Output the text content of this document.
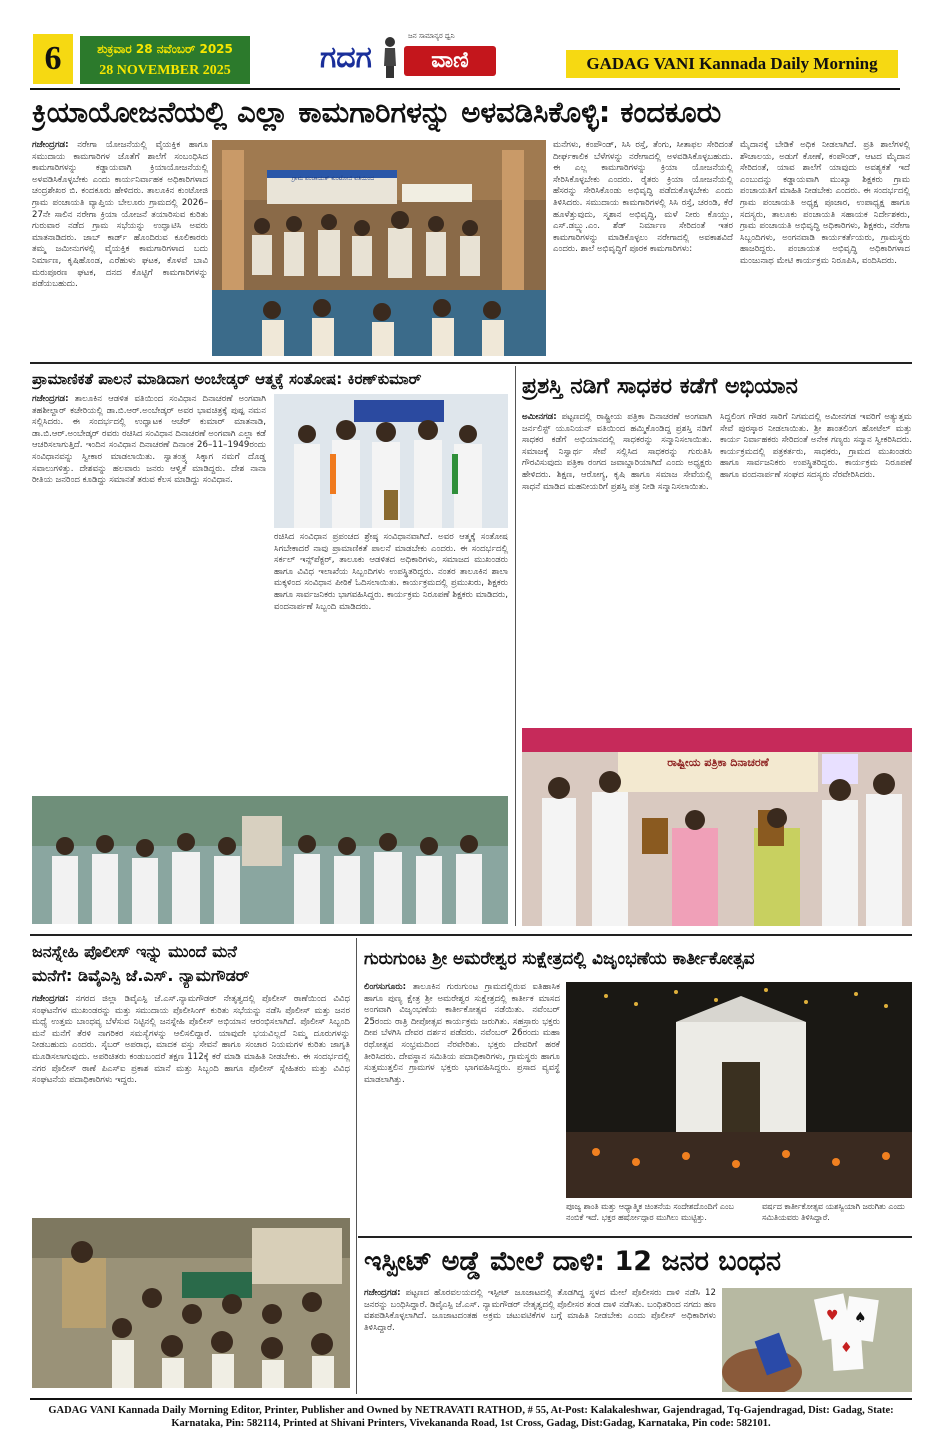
6	ಶುಕ್ರವಾರ 28 ನವೆಂಬರ್ 2025
28 NOVEMBER 2025	ಗದಗ
ಜನ ಸಾಮಾನ್ಯರ ಧ್ವನಿ
ವಾಣಿ	GADAG VANI Kannada Daily Morning
ಕ್ರಿಯಾಯೋಜನೆಯಲ್ಲಿ ಎಲ್ಲಾ ಕಾಮಗಾರಿಗಳನ್ನು ಅಳವಡಿಸಿಕೊಳ್ಳಿ: ಕಂದಕೂರು

ಗಜೇಂದ್ರಗಡ: ನರೇಗಾ ಯೋಜನೆಯಲ್ಲಿ ವೈಯಕ್ತಿಕ ಹಾಗೂ ಸಮುದಾಯ ಕಾಮಗಾರಿಗಳ ಜೊತೆಗೆ ಶಾಲೆಗೆ ಸಂಬಂಧಿಸಿದ ಕಾಮಗಾರಿಗಳನ್ನು ಕಡ್ಡಾಯವಾಗಿ ಕ್ರಿಯಾಯೋಜನೆಯಲ್ಲಿ ಅಳವಡಿಸಿಕೊಳ್ಳಬೇಕು ಎಂದು ಕಾರ್ಯನಿರ್ವಾಹಕ ಅಧಿಕಾರಿಗಳಾದ ಚಂದ್ರಶೇಖರ ಬಿ. ಕಂದಕೂರು ಹೇಳಿದರು. ತಾಲೂಕಿನ ಕುಂಟೋಜಿ ಗ್ರಾಮ ಪಂಚಾಯತಿ ವ್ಯಾಪ್ತಿಯ ಬೇಲೂರು ಗ್ರಾಮದಲ್ಲಿ 2026–27ನೇ ಸಾಲಿನ ನರೇಗಾ ಕ್ರಿಯಾ ಯೋಜನೆ ತಯಾರಿಸುವ ಕುರಿತು ಗುರುವಾರ ನಡೆದ ಗ್ರಾಮ ಸಭೆಯನ್ನು ಉದ್ಘಾಟಿಸಿ ಅವರು ಮಾತನಾಡಿದರು. ಜಾಬ್ ಕಾರ್ಡ್ ಹೊಂದಿರುವ ಕೂಲಿಕಾರರು ತಮ್ಮ ಜಮೀನುಗಳಲ್ಲಿ ವೈಯಕ್ತಿಕ ಕಾಮಗಾರಿಗಳಾದ ಬದು ನಿರ್ಮಾಣ, ಕೃಷಿಹೊಂಡ, ಎರೆಹುಳು ಘಟಕ, ಕೊಳವೆ ಬಾವಿ ಮರುಪೂರಣ ಘಟಕ, ದನದ ಕೊಟ್ಟಿಗೆ ಕಾಮಗಾರಿಗಳನ್ನು ಪಡೆಯಬಹುದು.

ಗ್ರಾಮ ಪಂಚಾಯತ್ ಕುಂಟೋಜಿ ವತಿಯಿಂದ
ಮನೆಗಳು, ಕಂಪೌಂಡ್, ಸಿಸಿ ರಸ್ತೆ, ತೆಂಗು, ಸೀತಾಫಲ ಸೇರಿದಂತೆ ದೀರ್ಘಕಾಲಿಕ ಬೆಳೆಗಳನ್ನು ನರೇಗಾದಲ್ಲಿ ಅಳವಡಿಸಿಕೊಳ್ಳಬಹುದು. ಈ ಎಲ್ಲ ಕಾಮಗಾರಿಗಳನ್ನು ಕ್ರಿಯಾ ಯೋಜನೆಯಲ್ಲಿ ಸೇರಿಸಿಕೊಳ್ಳಬೇಕು ಎಂದರು. ರೈತರು ಕ್ರಿಯಾ ಯೋಜನೆಯಲ್ಲಿ ಹೆಸರನ್ನು ಸೇರಿಸಿಕೊಂಡು ಅಭಿವೃದ್ಧಿ ಪಡೆದುಕೊಳ್ಳಬೇಕು ಎಂದು ತಿಳಿಸಿದರು. ಸಮುದಾಯ ಕಾಮಗಾರಿಗಳಲ್ಲಿ ಸಿಸಿ ರಸ್ತೆ, ಚರಂಡಿ, ಕೆರೆ ಹೂಳೆತ್ತುವುದು, ಸ್ಮಶಾನ ಅಭಿವೃದ್ಧಿ, ಮಳೆ ನೀರು ಕೊಯ್ಲು, ಎಸ್.ಡಬ್ಲ್ಯು.ಎಂ. ಶೆಡ್ ನಿರ್ಮಾಣ ಸೇರಿದಂತೆ ಇತರ ಕಾಮಗಾರಿಗಳನ್ನು ಮಾಡಿಕೊಳ್ಳಲು ನರೇಗಾದಲ್ಲಿ ಅವಕಾಶವಿದೆ ಎಂದರು. ಶಾಲೆ ಅಭಿವೃದ್ಧಿಗೆ ಪೂರಕ ಕಾಮಗಾರಿಗಳು:
ಮೈದಾನಕ್ಕೆ ಬೇಡಿಕೆ ಅಧಿಕ ನೀಡಲಾಗಿದೆ. ಪ್ರತಿ ಶಾಲೆಗಳಲ್ಲಿ ಶೌಚಾಲಯ, ಅಡುಗೆ ಕೋಣೆ, ಕಂಪೌಂಡ್, ಆಟದ ಮೈದಾನ ಸೇರಿದಂತೆ, ಯಾವ ಶಾಲೆಗೆ ಯಾವುದು ಅವಶ್ಯಕತೆ ಇದೆ ಎಂಬುದನ್ನು ಕಡ್ಡಾಯವಾಗಿ ಮುಖ್ಯಾ ಶಿಕ್ಷಕರು ಗ್ರಾಮ ಪಂಚಾಯತಿಗೆ ಮಾಹಿತಿ ನೀಡಬೇಕು ಎಂದರು. ಈ ಸಂದರ್ಭದಲ್ಲಿ ಗ್ರಾಮ ಪಂಚಾಯತಿ ಅಧ್ಯಕ್ಷ ಪೂಜಾರ, ಉಪಾಧ್ಯಕ್ಷ ಹಾಗೂ ಸದಸ್ಯರು, ತಾಲೂಕು ಪಂಚಾಯತಿ ಸಹಾಯಕ ನಿರ್ದೇಶಕರು, ಗ್ರಾಮ ಪಂಚಾಯತಿ ಅಭಿವೃದ್ಧಿ ಅಧಿಕಾರಿಗಳು, ಶಿಕ್ಷಕರು, ನರೇಗಾ ಸಿಬ್ಬಂದಿಗಳು, ಅಂಗನವಾಡಿ ಕಾರ್ಯಕರ್ತೆಯರು, ಗ್ರಾಮಸ್ಥರು ಹಾಜರಿದ್ದರು. ಪಂಚಾಯತ ಅಭಿವೃದ್ಧಿ ಅಧಿಕಾರಿಗಳಾದ ಮಂಜುನಾಥ ಮೇಟಿ ಕಾರ್ಯಕ್ರಮ ನಿರೂಪಿಸಿ, ವಂದಿಸಿದರು.
ಪ್ರಾಮಾಣಿಕತೆ ಪಾಲನೆ ಮಾಡಿದಾಗ ಅಂಬೇಡ್ಕರ್ ಆತ್ಮಕ್ಕೆ ಸಂತೋಷ: ಕಿರಣ್‌ಕುಮಾರ್

ಗಜೇಂದ್ರಗಡ: ತಾಲೂಕಿನ ಆಡಳಿತ ವತಿಯಿಂದ ಸಂವಿಧಾನ ದಿನಾಚರಣೆ ಅಂಗವಾಗಿ ತಹಶೀಲ್ದಾರ್ ಕಚೇರಿಯಲ್ಲಿ ಡಾ.ಬಿ.ಆರ್.ಅಂಬೇಡ್ಕರ್ ಅವರ ಭಾವಚಿತ್ರಕ್ಕೆ ಪುಷ್ಪ ನಮನ ಸಲ್ಲಿಸಿದರು. ಈ ಸಂದರ್ಭದಲ್ಲಿ ಉದ್ಘಾಟಕ ಆಚೆರ್ ಕುಮಾರ್ ಮಾತನಾಡಿ, ಡಾ.ಬಿ.ಆರ್.ಅಂಬೇಡ್ಕರ್ ರವರು ರಚಿಸಿದ ಸಂವಿಧಾನ ದಿನಾಚರಣೆ ಅಂಗವಾಗಿ ಎಲ್ಲಾ ಕಡೆ ಆಚರಿಸಲಾಗುತ್ತಿದೆ. ಇಂದಿನ ಸಂವಿಧಾನ ದಿನಾಚರಣೆ ದಿನಾಂಕ 26–11–1949ರಂದು ಸಂವಿಧಾನವನ್ನು ಸ್ವೀಕಾರ ಮಾಡಲಾಯಿತು. ಸ್ವಾತಂತ್ರ್ಯ ಸಿಕ್ಕಾಗ ನಮಗೆ ದೊಡ್ಡ ಸವಾಲುಗಳಿತ್ತು. ದೇಶವನ್ನು ಹಲವಾರು ಜನರು ಆಳ್ವಿಕೆ ಮಾಡಿದ್ದರು. ದೇಶ ನಾನಾ ರೀತಿಯ ಜನರಿಂದ ಕೂಡಿದ್ದು ಸಮಾನತೆ ತರುವ ಕೆಲಸ ಮಾಡಿದ್ದು ಸಂವಿಧಾನ.

ರಚಿಸಿದ ಸಂವಿಧಾನ ಪ್ರಪಂಚದ ಶ್ರೇಷ್ಠ ಸಂವಿಧಾನವಾಗಿದೆ. ಅವರ ಆತ್ಮಕ್ಕೆ ಸಂತೋಷ ಸಿಗಬೇಕಾದರೆ ನಾವು ಪ್ರಾಮಾಣಿಕತೆ ಪಾಲನೆ ಮಾಡಬೇಕು ಎಂದರು. ಈ ಸಂದರ್ಭದಲ್ಲಿ ಸರ್ಕಲ್ ಇನ್ಸ್‌ಪೆಕ್ಟರ್, ತಾಲೂಕು ಆಡಳಿತದ ಅಧಿಕಾರಿಗಳು, ಸಮಾಜದ ಮುಖಂಡರು ಹಾಗೂ ವಿವಿಧ ಇಲಾಖೆಯ ಸಿಬ್ಬಂದಿಗಳು ಉಪಸ್ಥಿತರಿದ್ದರು. ನಂತರ ತಾಲೂಕಿನ ಶಾಲಾ ಮಕ್ಕಳಿಂದ ಸಂವಿಧಾನ ಪೀಠಿಕೆ ಓದಿಸಲಾಯಿತು. ಕಾರ್ಯಕ್ರಮದಲ್ಲಿ ಪ್ರಮುಖರು, ಶಿಕ್ಷಕರು ಹಾಗೂ ಸಾರ್ವಜನಿಕರು ಭಾಗವಹಿಸಿದ್ದರು. ಕಾರ್ಯಕ್ರಮ ನಿರೂಪಣೆ ಶಿಕ್ಷಕರು ಮಾಡಿದರು, ವಂದನಾರ್ಪಣೆ ಸಿಬ್ಬಂದಿ ಮಾಡಿದರು.
ಪ್ರಶಸ್ತಿ ನಡಿಗೆ ಸಾಧಕರ ಕಡೆಗೆ ಅಭಿಯಾನ

ಅಮೀನಗಡ: ಪಟ್ಟಣದಲ್ಲಿ ರಾಷ್ಟ್ರೀಯ ಪತ್ರಿಕಾ ದಿನಾಚರಣೆ ಅಂಗವಾಗಿ ಜರ್ನಲಿಸ್ಟ್ ಯೂನಿಯನ್ ವತಿಯಿಂದ ಹಮ್ಮಿಕೊಂಡಿದ್ದ ಪ್ರಶಸ್ತಿ ನಡಿಗೆ ಸಾಧಕರ ಕಡೆಗೆ ಅಭಿಯಾನದಲ್ಲಿ ಸಾಧಕರನ್ನು ಸನ್ಮಾನಿಸಲಾಯಿತು. ಸಮಾಜಕ್ಕೆ ನಿಸ್ವಾರ್ಥ ಸೇವೆ ಸಲ್ಲಿಸಿದ ಸಾಧಕರನ್ನು ಗುರುತಿಸಿ ಗೌರವಿಸುವುದು ಪತ್ರಿಕಾ ರಂಗದ ಜವಾಬ್ದಾರಿಯಾಗಿದೆ ಎಂದು ಅಧ್ಯಕ್ಷರು ಹೇಳಿದರು. ಶಿಕ್ಷಣ, ಆರೋಗ್ಯ, ಕೃಷಿ ಹಾಗೂ ಸಮಾಜ ಸೇವೆಯಲ್ಲಿ ಸಾಧನೆ ಮಾಡಿದ ಮಹನೀಯರಿಗೆ ಪ್ರಶಸ್ತಿ ಪತ್ರ ನೀಡಿ ಸನ್ಮಾನಿಸಲಾಯಿತು.

ಸಿದ್ದಲಿಂಗ ಗೌಡರ ಸಾರಿಗೆ ನಿಗಮದಲ್ಲಿ ಅಮೀನಗಡ ಇವರಿಗೆ ಅತ್ಯುತ್ತಮ ಸೇವೆ ಪುರಸ್ಕಾರ ನೀಡಲಾಯಿತು. ಶ್ರೀ ಶಾಂತಲಿಂಗ ಹೋಟೆಲ್ ಮತ್ತು ಕಾರ್ಯ ನಿರ್ವಾಹಕರು ಸೇರಿದಂತೆ ಅನೇಕ ಗಣ್ಯರು ಸನ್ಮಾನ ಸ್ವೀಕರಿಸಿದರು. ಕಾರ್ಯಕ್ರಮದಲ್ಲಿ ಪತ್ರಕರ್ತರು, ಸಾಧಕರು, ಗ್ರಾಮದ ಮುಖಂಡರು ಹಾಗೂ ಸಾರ್ವಜನಿಕರು ಉಪಸ್ಥಿತರಿದ್ದರು. ಕಾರ್ಯಕ್ರಮ ನಿರೂಪಣೆ ಹಾಗೂ ವಂದನಾರ್ಪಣೆ ಸಂಘದ ಸದಸ್ಯರು ನೆರವೇರಿಸಿದರು.
ರಾಷ್ಟ್ರೀಯ ಪತ್ರಿಕಾ ದಿನಾಚರಣೆ
ಜನಸ್ನೇಹಿ ಪೊಲೀಸ್ ಇನ್ನು ಮುಂದೆ ಮನೆ
ಮನೆಗೆ: ಡಿವೈಎಸ್ಪಿ ಜೆ.ಎಸ್. ನ್ಯಾಮಗೌಡರ್

ಗಜೇಂದ್ರಗಡ: ನಗರದ ಜಿಲ್ಲಾ ಡಿವೈಎಸ್ಪಿ ಜೆ.ಎಸ್.ನ್ಯಾಮಗೌಡರ್ ನೇತೃತ್ವದಲ್ಲಿ ಪೊಲೀಸ್ ಠಾಣೆಯಿಂದ ವಿವಿಧ ಸಂಘಟನೆಗಳ ಮುಖಂಡರನ್ನು ಮತ್ತು ಸಮುದಾಯ ಪೊಲೀಸಿಂಗ್ ಕುರಿತು ಸಭೆಯನ್ನು ನಡೆಸಿ ಪೊಲೀಸ್ ಮತ್ತು ಜನರ ಮಧ್ಯೆ ಉತ್ತಮ ಬಾಂಧವ್ಯ ಬೆಳೆಸುವ ನಿಟ್ಟಿನಲ್ಲಿ ಜನಸ್ನೇಹಿ ಪೊಲೀಸ್ ಅಭಿಯಾನ ಆರಂಭಿಸಲಾಗಿದೆ. ಪೊಲೀಸ್ ಸಿಬ್ಬಂದಿ ಮನೆ ಮನೆಗೆ ತೆರಳಿ ನಾಗರಿಕರ ಸಮಸ್ಯೆಗಳನ್ನು ಆಲಿಸಲಿದ್ದಾರೆ. ಯಾವುದೇ ಭಯವಿಲ್ಲದೆ ನಿಮ್ಮ ದೂರುಗಳನ್ನು ನೀಡಬಹುದು ಎಂದರು. ಸೈಬರ್ ಅಪರಾಧ, ಮಾದಕ ವಸ್ತು ಸೇವನೆ ಹಾಗೂ ಸಂಚಾರ ನಿಯಮಗಳ ಕುರಿತು ಜಾಗೃತಿ ಮೂಡಿಸಲಾಗುವುದು. ಅಪರಿಚಿತರು ಕಂಡುಬಂದರೆ ತಕ್ಷಣ 112ಕ್ಕೆ ಕರೆ ಮಾಡಿ ಮಾಹಿತಿ ನೀಡಬೇಕು. ಈ ಸಂದರ್ಭದಲ್ಲಿ ನಗರ ಪೊಲೀಸ್ ಠಾಣೆ ಪಿಎಸ್ಐ ಪ್ರಕಾಶ ಮಾನೆ ಮತ್ತು ಸಿಬ್ಬಂದಿ ಹಾಗೂ ಪೊಲೀಸ್ ಸ್ನೇಹಿತರು ಮತ್ತು ವಿವಿಧ ಸಂಘಟನೆಯ ಪದಾಧಿಕಾರಿಗಳು ಇದ್ದರು.

ಗುರುಗುಂಟ ಶ್ರೀ ಅಮರೇಶ್ವರ ಸುಕ್ಷೇತ್ರದಲ್ಲಿ ವಿಜೃಂಭಣೆಯ ಕಾರ್ತೀಕೋತ್ಸವ

ಲಿಂಗಸುಗೂರು: ತಾಲೂಕಿನ ಗುರುಗುಂಟ ಗ್ರಾಮದಲ್ಲಿರುವ ಐತಿಹಾಸಿಕ ಹಾಗೂ ಪುಣ್ಯ ಕ್ಷೇತ್ರ ಶ್ರೀ ಅಮರೇಶ್ವರ ಸುಕ್ಷೇತ್ರದಲ್ಲಿ ಕಾರ್ತೀಕ ಮಾಸದ ಅಂಗವಾಗಿ ವಿಜೃಂಭಣೆಯ ಕಾರ್ತೀಕೋತ್ಸವ ನಡೆಯಿತು. ನವೆಂಬರ್ 25ರಂದು ರಾತ್ರಿ ದೀಪೋತ್ಸವ ಕಾರ್ಯಕ್ರಮ ಜರುಗಿತು. ಸಹಸ್ರಾರು ಭಕ್ತರು ದೀಪ ಬೆಳಗಿಸಿ ದೇವರ ದರ್ಶನ ಪಡೆದರು. ನವೆಂಬರ್ 26ರಂದು ಮಹಾ ರಥೋತ್ಸವ ಸಂಭ್ರಮದಿಂದ ನೆರವೇರಿತು. ಭಕ್ತರು ದೇವರಿಗೆ ಹರಕೆ ತೀರಿಸಿದರು. ದೇವಸ್ಥಾನ ಸಮಿತಿಯ ಪದಾಧಿಕಾರಿಗಳು, ಗ್ರಾಮಸ್ಥರು ಹಾಗೂ ಸುತ್ತಮುತ್ತಲಿನ ಗ್ರಾಮಗಳ ಭಕ್ತರು ಭಾಗವಹಿಸಿದ್ದರು. ಪ್ರಸಾದ ವ್ಯವಸ್ಥೆ ಮಾಡಲಾಗಿತ್ತು.

ಪೂಜ್ಯ ಶಾಂತಿ ಮತ್ತು ಆಧ್ಯಾತ್ಮಿಕ ಚಿಂತನೆಯ ಸಂದೇಶದೊಂದಿಗೆ ಎಂಬ ನಂಬಿಕೆ ಇದೆ. ಭಕ್ತರ ಹರ್ಷೋದ್ಗಾರ ಮುಗಿಲು ಮುಟ್ಟಿತ್ತು.
ವರ್ಷದ ಕಾರ್ತೀಕೋತ್ಸವ ಯಶಸ್ವಿಯಾಗಿ ಜರುಗಿತು ಎಂದು ಸಮಿತಿಯವರು ತಿಳಿಸಿದ್ದಾರೆ.
ಇಸ್ಪೀಟ್ ಅಡ್ಡೆ ಮೇಲೆ ದಾಳಿ: 12 ಜನರ ಬಂಧನ

ಗಜೇಂದ್ರಗಡ: ಪಟ್ಟಣದ ಹೊರವಲಯದಲ್ಲಿ ಇಸ್ಪೀಟ್ ಜೂಜಾಟದಲ್ಲಿ ತೊಡಗಿದ್ದ ಸ್ಥಳದ ಮೇಲೆ ಪೊಲೀಸರು ದಾಳಿ ನಡೆಸಿ 12 ಜನರನ್ನು ಬಂಧಿಸಿದ್ದಾರೆ. ಡಿವೈಎಸ್ಪಿ ಜೆ.ಎಸ್. ನ್ಯಾಮಗೌಡರ್ ನೇತೃತ್ವದಲ್ಲಿ ಪೊಲೀಸರ ತಂಡ ದಾಳಿ ನಡೆಸಿತು. ಬಂಧಿತರಿಂದ ನಗದು ಹಣ ವಶಪಡಿಸಿಕೊಳ್ಳಲಾಗಿದೆ. ಜೂಜಾಟದಂತಹ ಅಕ್ರಮ ಚಟುವಟಿಕೆಗಳ ಬಗ್ಗೆ ಮಾಹಿತಿ ನೀಡಬೇಕು ಎಂದು ಪೊಲೀಸ್ ಅಧಿಕಾರಿಗಳು ತಿಳಿಸಿದ್ದಾರೆ.

♥ ♠
♦
GADAG VANI Kannada Daily Morning Editor, Printer, Publisher and Owned by NETRAVATI RATHOD, # 55, At-Post: Kalakaleshwar, Gajendragad, Tq-Gajendragad, Dist: Gadag, State:
Karnataka, Pin: 582114, Printed at Shivani Printers, Vivekananda Road, 1st Cross, Gadag, Dist:Gadag, Karnataka, Pin code: 582101.
